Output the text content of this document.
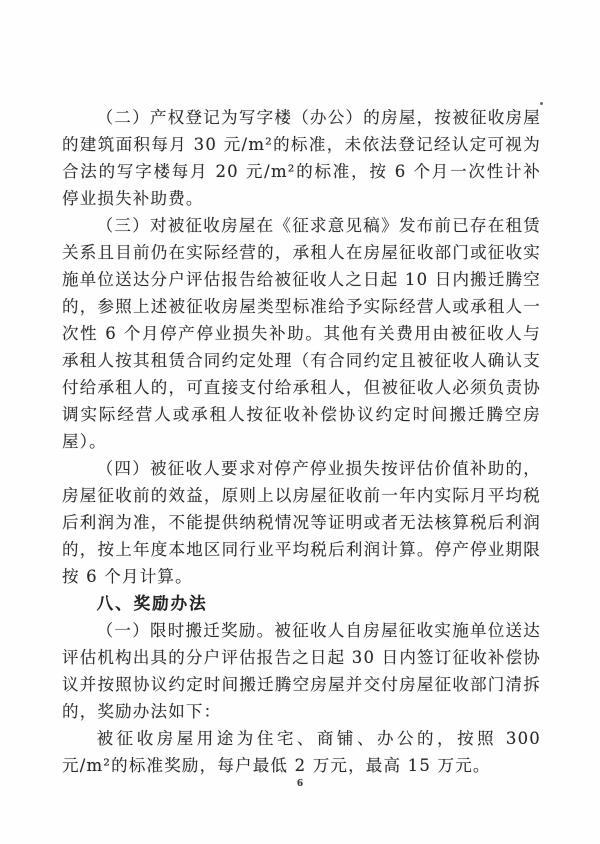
（二）产权登记为写字楼（办公）的房屋，按被征收房屋的建筑面积每月 30 元/m²的标准，未依法登记经认定可视为合法的写字楼每月 20 元/m²的标准，按 6 个月一次性计补停业损失补助费。

（三）对被征收房屋在《征求意见稿》发布前已存在租赁关系且目前仍在实际经营的，承租人在房屋征收部门或征收实施单位送达分户评估报告给被征收人之日起 10 日内搬迁腾空的，参照上述被征收房屋类型标准给予实际经营人或承租人一次性 6 个月停产停业损失补助。其他有关费用由被征收人与承租人按其租赁合同约定处理（有合同约定且被征收人确认支付给承租人的，可直接支付给承租人，但被征收人必须负责协调实际经营人或承租人按征收补偿协议约定时间搬迁腾空房屋）。

（四）被征收人要求对停产停业损失按评估价值补助的，房屋征收前的效益，原则上以房屋征收前一年内实际月平均税后利润为准，不能提供纳税情况等证明或者无法核算税后利润的，按上年度本地区同行业平均税后利润计算。停产停业期限按 6 个月计算。

八、奖励办法

（一）限时搬迁奖励。被征收人自房屋征收实施单位送达评估机构出具的分户评估报告之日起 30 日内签订征收补偿协议并按照协议约定时间搬迁腾空房屋并交付房屋征收部门清拆的，奖励办法如下：

被征收房屋用途为住宅、商铺、办公的，按照 300 元/m²的标准奖励，每户最低 2 万元，最高 15 万元。

6
